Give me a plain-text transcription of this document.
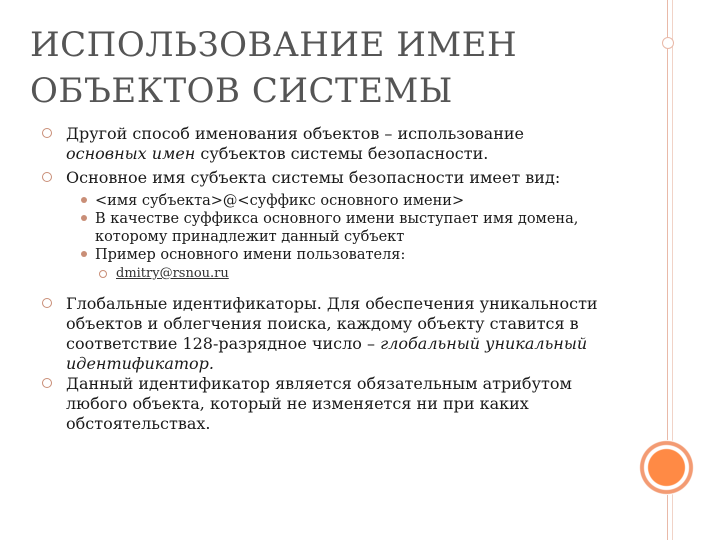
ИСПОЛЬЗОВАНИЕ ИМЕН
ОБЪЕКТОВ СИСТЕМЫ

Другой способ именования объектов – использование
основных имен субъектов системы безопасности.

Основное имя субъекта системы безопасности имеет вид:

<имя субъекта>@<суффикс основного имени>

В качестве суффикса основного имени выступает имя домена, которому принадлежит данный субъект

Пример основного имени пользователя:

dmitry@rsnou.ru

Глобальные идентификаторы. Для обеспечения уникальности объектов и облегчения поиска, каждому объекту ставится в соответствие 128-разрядное число – глобальный уникальный идентификатор.

Данный идентификатор является обязательным атрибутом любого объекта, который не изменяется ни при каких обстоятельствах.
